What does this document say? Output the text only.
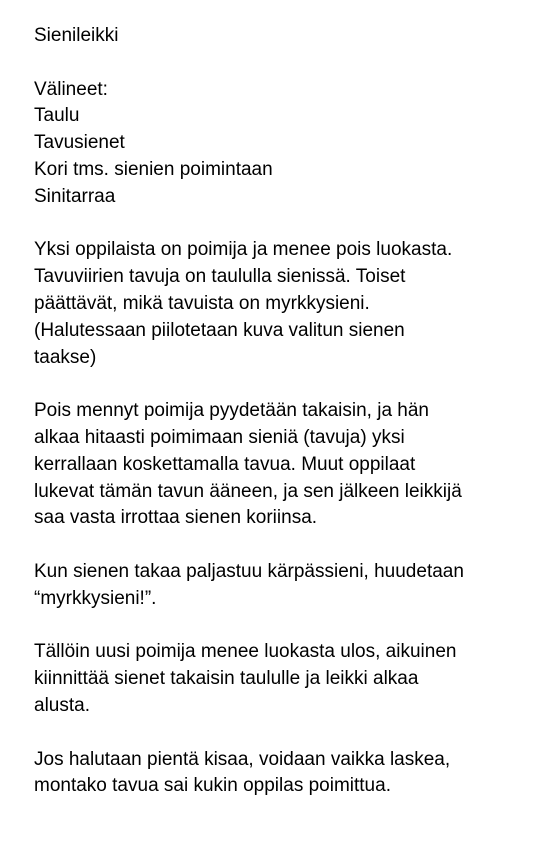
Sienileikki
Välineet:
Taulu
Tavusienet
Kori tms. sienien poimintaan
Sinitarraa
Yksi oppilaista on poimija ja menee pois luokasta.
Tavuviirien tavuja on taululla sienissä. Toiset
päättävät, mikä tavuista on myrkkysieni.
(Halutessaan piilotetaan kuva valitun sienen
taakse)
Pois mennyt poimija pyydetään takaisin, ja hän
alkaa hitaasti poimimaan sieniä (tavuja) yksi
kerrallaan koskettamalla tavua. Muut oppilaat
lukevat tämän tavun ääneen, ja sen jälkeen leikkijä
saa vasta irrottaa sienen koriinsa.
Kun sienen takaa paljastuu kärpässieni, huudetaan
“myrkkysieni!”.
Tällöin uusi poimija menee luokasta ulos, aikuinen
kiinnittää sienet takaisin taululle ja leikki alkaa
alusta.
Jos halutaan pientä kisaa, voidaan vaikka laskea,
montako tavua sai kukin oppilas poimittua.
